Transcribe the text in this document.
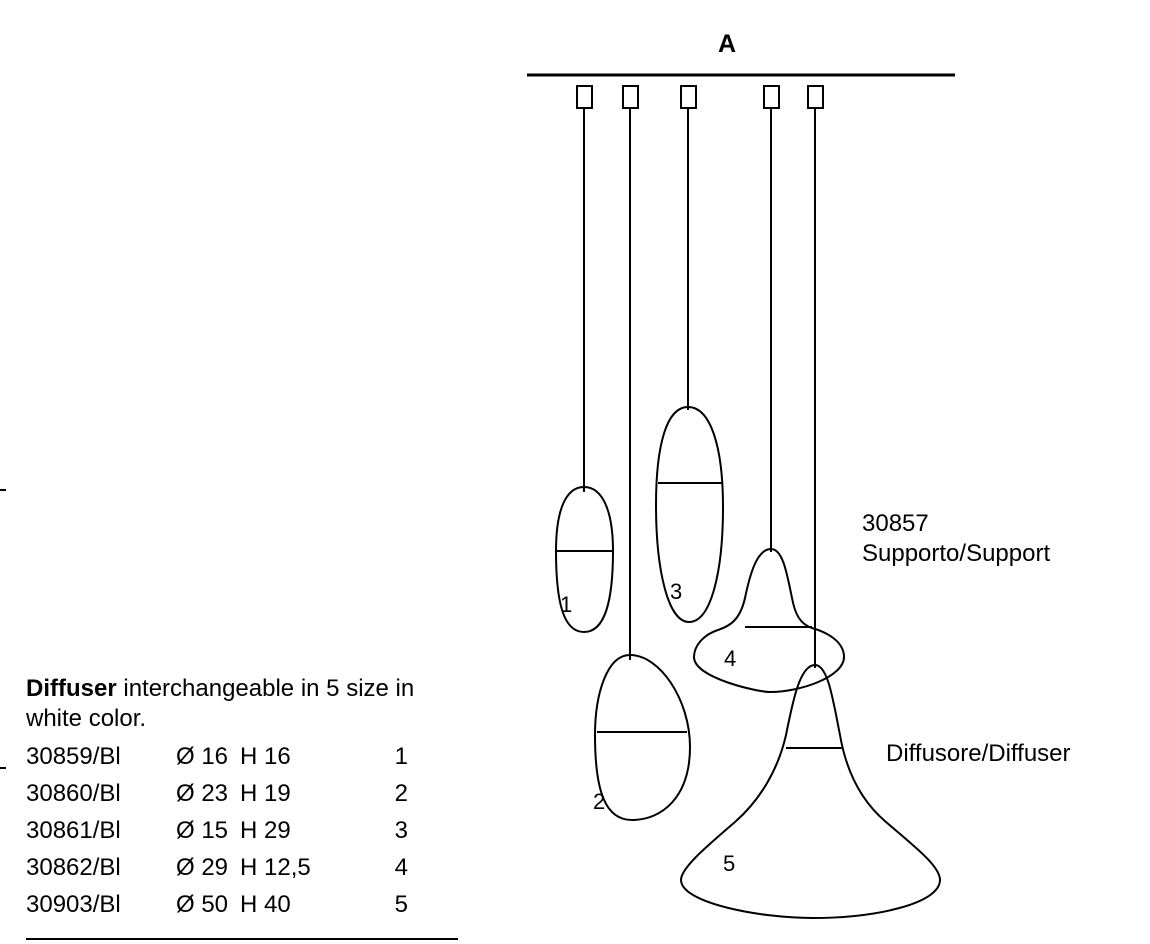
A
1
2
3
4
5
30857
Supporto/Support
Diffusore/Diffuser
Diffuser interchangeable in 5 size in white color.
30859/Bl	Ø 16	H 16	1
30860/Bl	Ø 23	H 19	2
30861/Bl	Ø 15	H 29	3
30862/Bl	Ø 29	H 12,5	4
30903/Bl	Ø 50	H 40	5
